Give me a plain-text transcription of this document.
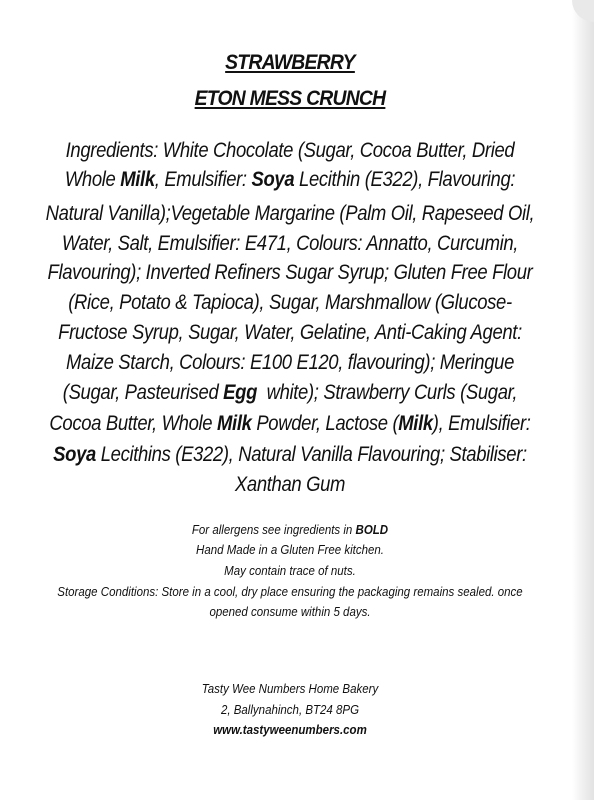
STRAWBERRY
ETON MESS CRUNCH
Ingredients: White Chocolate (Sugar, Cocoa Butter, Dried
Whole Milk, Emulsifier: Soya Lecithin (E322), Flavouring:
Natural Vanilla);Vegetable Margarine (Palm Oil, Rapeseed Oil,
Water, Salt, Emulsifier: E471, Colours: Annatto, Curcumin,
Flavouring); Inverted Refiners Sugar Syrup; Gluten Free Flour
(Rice, Potato & Tapioca), Sugar, Marshmallow (Glucose-
Fructose Syrup, Sugar, Water, Gelatine, Anti-Caking Agent:
Maize Starch, Colours: E100 E120, flavouring); Meringue
(Sugar, Pasteurised Egg  white); Strawberry Curls (Sugar,
Cocoa Butter, Whole Milk Powder, Lactose (Milk), Emulsifier:
Soya Lecithins (E322), Natural Vanilla Flavouring; Stabiliser:
Xanthan Gum
For allergens see ingredients in BOLD
Hand Made in a Gluten Free kitchen.
May contain trace of nuts.
Storage Conditions: Store in a cool, dry place ensuring the packaging remains sealed. once
opened consume within 5 days.
Tasty Wee Numbers Home Bakery
2, Ballynahinch, BT24 8PG
www.tastyweenumbers.com
